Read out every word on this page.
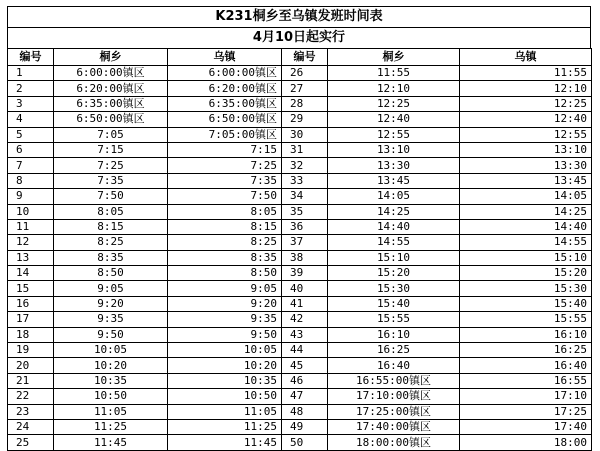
K231桐乡至乌镇发班时间表
4月10日起实行
编号	桐乡	乌镇	编号	桐乡	乌镇
1	6:00:00镇区	6:00:00镇区	26	11:55	11:55
2	6:20:00镇区	6:20:00镇区	27	12:10	12:10
3	6:35:00镇区	6:35:00镇区	28	12:25	12:25
4	6:50:00镇区	6:50:00镇区	29	12:40	12:40
5	7:05	7:05:00镇区	30	12:55	12:55
6	7:15	7:15	31	13:10	13:10
7	7:25	7:25	32	13:30	13:30
8	7:35	7:35	33	13:45	13:45
9	7:50	7:50	34	14:05	14:05
10	8:05	8:05	35	14:25	14:25
11	8:15	8:15	36	14:40	14:40
12	8:25	8:25	37	14:55	14:55
13	8:35	8:35	38	15:10	15:10
14	8:50	8:50	39	15:20	15:20
15	9:05	9:05	40	15:30	15:30
16	9:20	9:20	41	15:40	15:40
17	9:35	9:35	42	15:55	15:55
18	9:50	9:50	43	16:10	16:10
19	10:05	10:05	44	16:25	16:25
20	10:20	10:20	45	16:40	16:40
21	10:35	10:35	46	16:55:00镇区	16:55
22	10:50	10:50	47	17:10:00镇区	17:10
23	11:05	11:05	48	17:25:00镇区	17:25
24	11:25	11:25	49	17:40:00镇区	17:40
25	11:45	11:45	50	18:00:00镇区	18:00
